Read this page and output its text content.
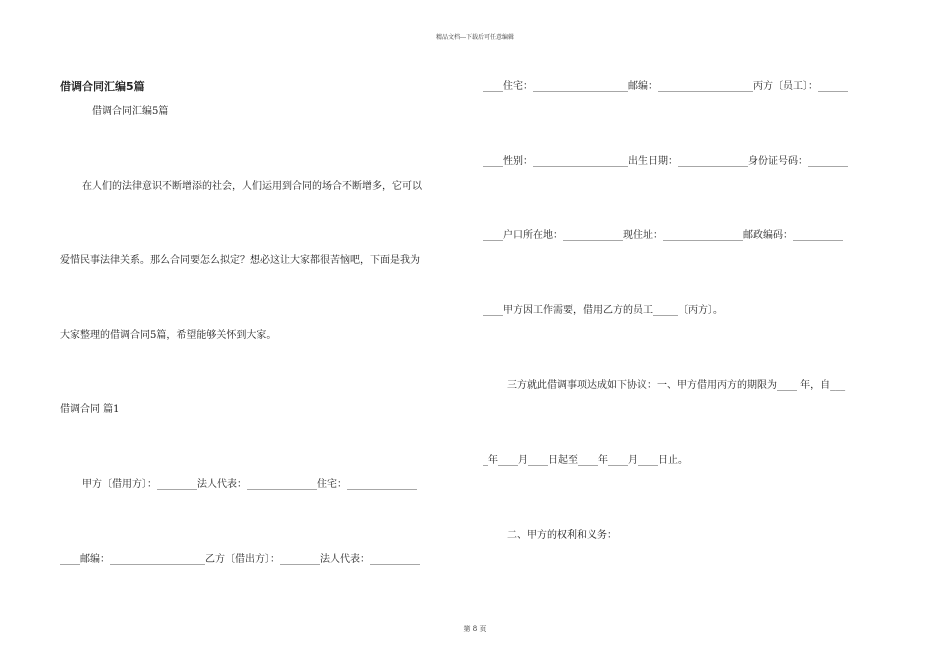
精品文档---下载后可任意编辑
借调合同汇编5篇
借调合同汇编5篇
在人们的法律意识不断增添的社会，人们运用到合同的场合不断增多，它可以
爱惜民事法律关系。那么合同要怎么拟定？想必这让大家都很苦恼吧，下面是我为
大家整理的借调合同5篇，希望能够关怀到大家。
借调合同 篇1
甲方〔借用方〕：________法人代表：______________住宅：______________
____邮编：___________________乙方〔借出方〕：________法人代表：__________
____住宅：___________________邮编：___________________丙方〔员工〕：______
____性别：___________________出生日期：______________身份证号码：________
____户口所在地：____________现住址：________________邮政编码：__________
____甲方因工作需要，借用乙方的员工_____〔丙方〕。
三方就此借调事项达成如下协议：一、甲方借用丙方的期限为____ 年，自___
_年____月____日起至____年____月____日止。
二、甲方的权利和义务：
第 8 页
